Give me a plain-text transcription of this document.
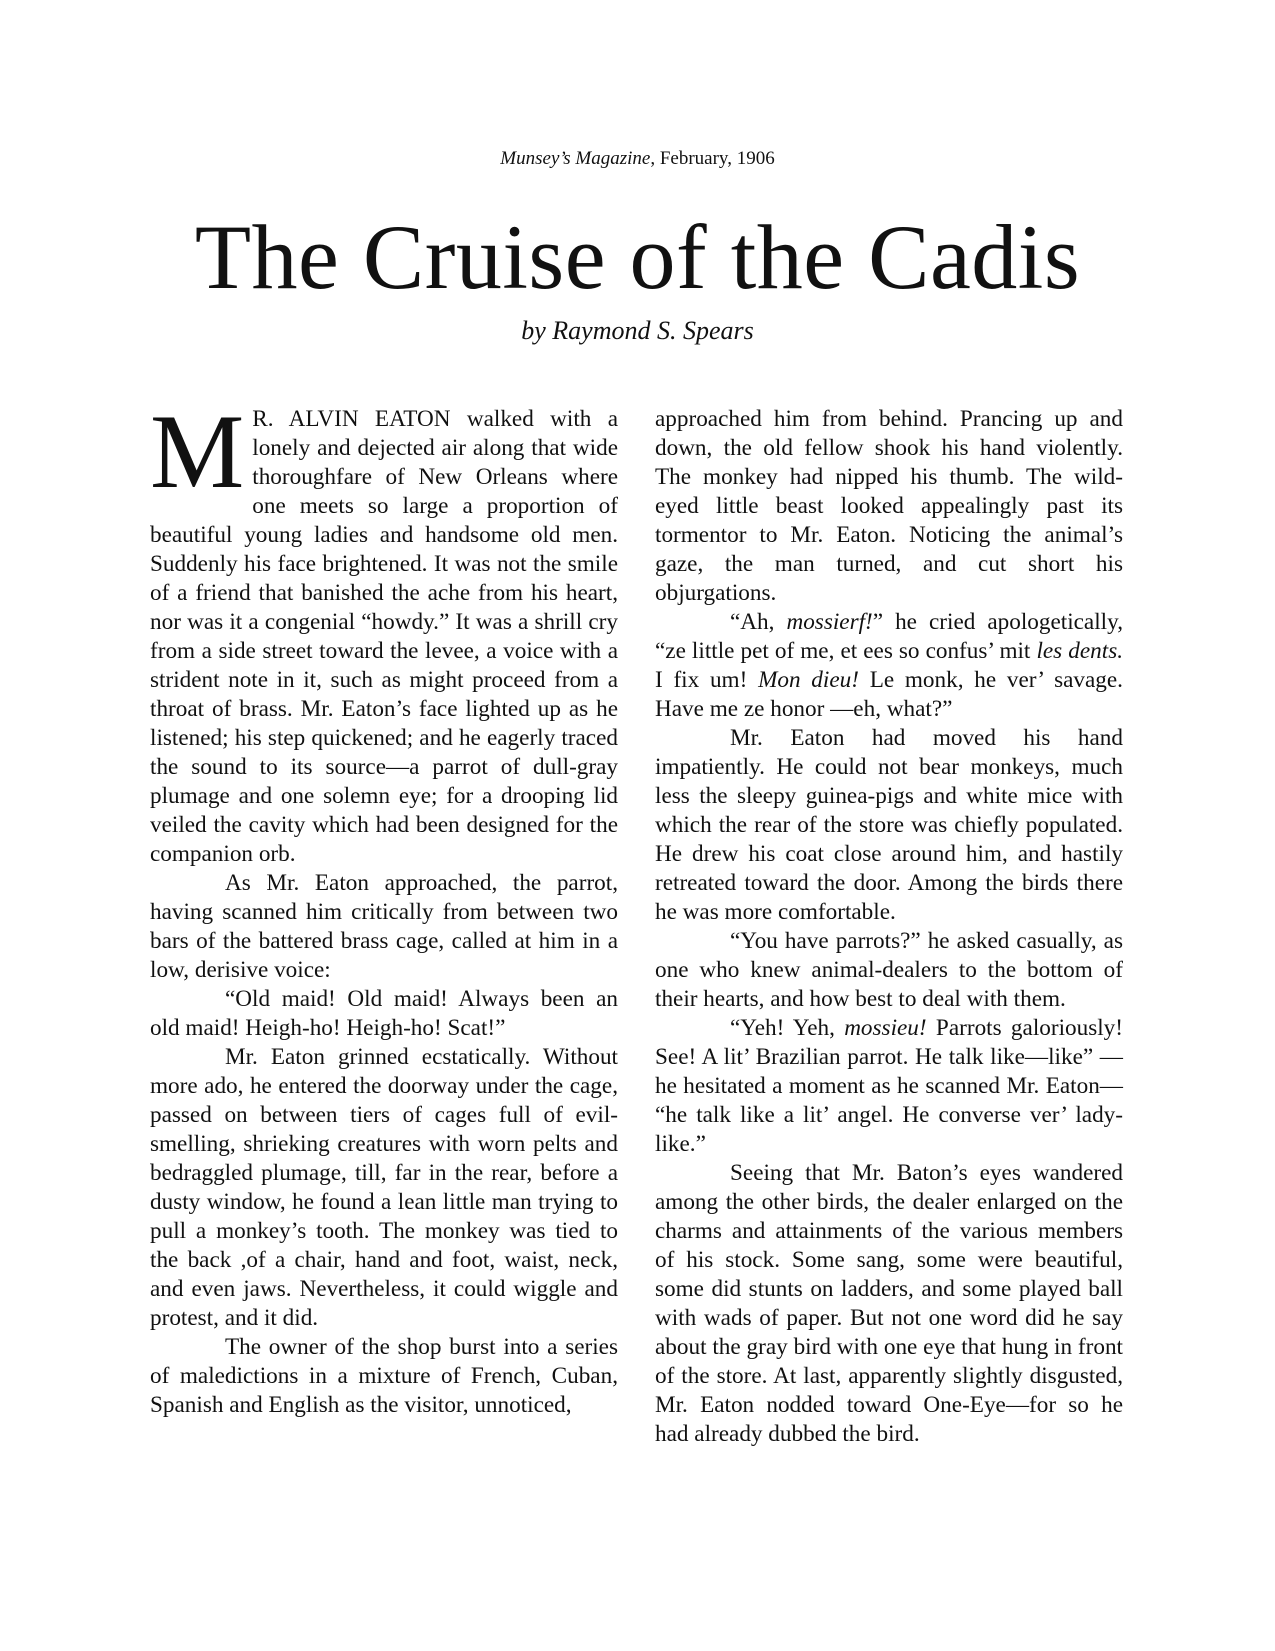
Munsey’s Magazine, February, 1906
The Cruise of the Cadis
by Raymond S. Spears

M R. ALVIN EATON walked with a lonely and dejected air along that wide thoroughfare of New Orleans where one meets so large a proportion of beautiful young ladies and handsome old men. Suddenly his face brightened. It was not the smile of a friend that banished the ache from his heart, nor was it a congenial “howdy.” It was a shrill cry from a side street toward the levee, a voice with a strident note in it, such as might proceed from a throat of brass. Mr. Eaton’s face lighted up as he listened; his step quickened; and he eagerly traced the sound to its source—a parrot of dull-gray plumage and one solemn eye; for a drooping lid veiled the cavity which had been designed for the companion orb.

As Mr. Eaton approached, the parrot, having scanned him critically from between two bars of the battered brass cage, called at him in a low, derisive voice:

“Old maid! Old maid! Always been an old maid! Heigh-ho! Heigh-ho! Scat!”

Mr. Eaton grinned ecstatically. Without more ado, he entered the doorway under the cage, passed on between tiers of cages full of evil-smelling, shrieking creatures with worn pelts and bedraggled plumage, till, far in the rear, before a dusty window, he found a lean little man trying to pull a monkey’s tooth. The monkey was tied to the back ,of a chair, hand and foot, waist, neck, and even jaws. Nevertheless, it could wiggle and protest, and it did.

The owner of the shop burst into a series of maledictions in a mixture of French, Cuban, Spanish and English as the visitor, unnoticed,

approached him from behind. Prancing up and down, the old fellow shook his hand violently. The monkey had nipped his thumb. The wild-eyed little beast looked appealingly past its tormentor to Mr. Eaton. Noticing the animal’s gaze, the man turned, and cut short his objurgations.

“Ah, mossierf!” he cried apologetically, “ze little pet of me, et ees so confus’ mit les dents. I fix um! Mon dieu! Le monk, he ver’ savage. Have me ze honor —eh, what?”

Mr. Eaton had moved his hand impatiently. He could not bear monkeys, much less the sleepy guinea-pigs and white mice with which the rear of the store was chiefly populated. He drew his coat close around him, and hastily retreated toward the door. Among the birds there he was more comfortable.

“You have parrots?” he asked casually, as one who knew animal-dealers to the bottom of their hearts, and how best to deal with them.

“Yeh! Yeh, mossieu! Parrots galoriously! See! A lit’ Brazilian parrot. He talk like—like” —he hesitated a moment as he scanned Mr. Eaton— “he talk like a lit’ angel. He converse ver’ lady-like.”

Seeing that Mr. Baton’s eyes wandered among the other birds, the dealer enlarged on the charms and attainments of the various members of his stock. Some sang, some were beautiful, some did stunts on ladders, and some played ball with wads of paper. But not one word did he say about the gray bird with one eye that hung in front of the store. At last, apparently slightly disgusted, Mr. Eaton nodded toward One-Eye—for so he had already dubbed the bird.
